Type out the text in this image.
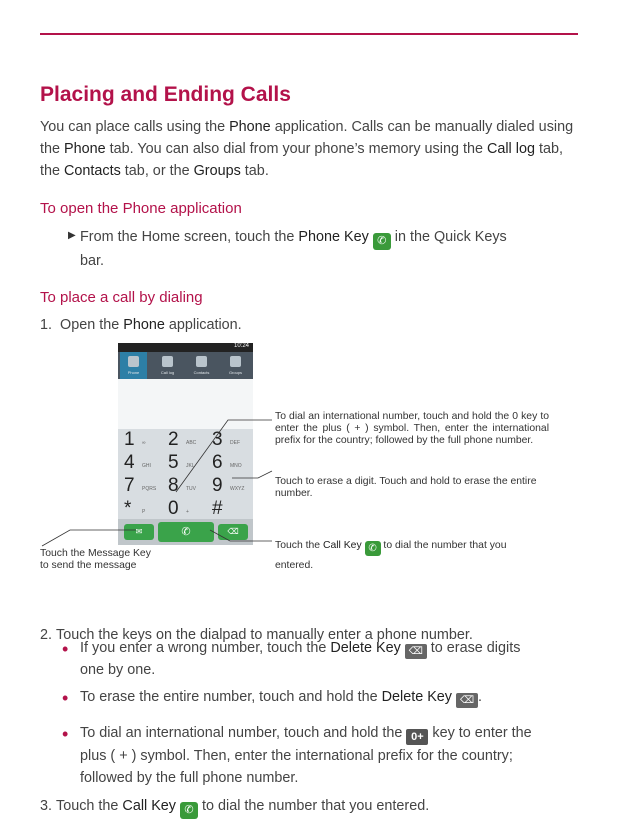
Placing and Ending Calls
You can place calls using the Phone application. Calls can be manually dialed using the Phone tab. You can also dial from your phone’s memory using the Call log tab, the Contacts tab, or the Groups tab.
To open the Phone application
▶ From the Home screen, touch the Phone Key ✆ in the Quick Keys
bar.
To place a call by dialing
1. Open the Phone application.
10:24
Phone	Call log	Contacts	Groups
1 ∞ 2 ABC 3 DEF
4 GHI 5 JKL 6 MNO
7 PQRS 8 TUV 9 WXYZ
* P 0 + #
✉	✆	⌫
To dial an international number, touch and hold the 0 key to enter the plus ( + ) symbol. Then, enter the international prefix for the country; followed by the full phone number.
Touch to erase a digit. Touch and hold to erase the entire number.
Touch the Call Key ✆ to dial the number that you
entered.
Touch the Message Key
to send the message
2. Touch the keys on the dialpad to manually enter a phone number.
• If you enter a wrong number, touch the Delete Key ⌫ to erase digits
one by one.
• To erase the entire number, touch and hold the Delete Key ⌫ .
• To dial an international number, touch and hold the 0+ key to enter the
plus ( + ) symbol. Then, enter the international prefix for the country;
followed by the full phone number.
3. Touch the Call Key ✆ to dial the number that you entered.
